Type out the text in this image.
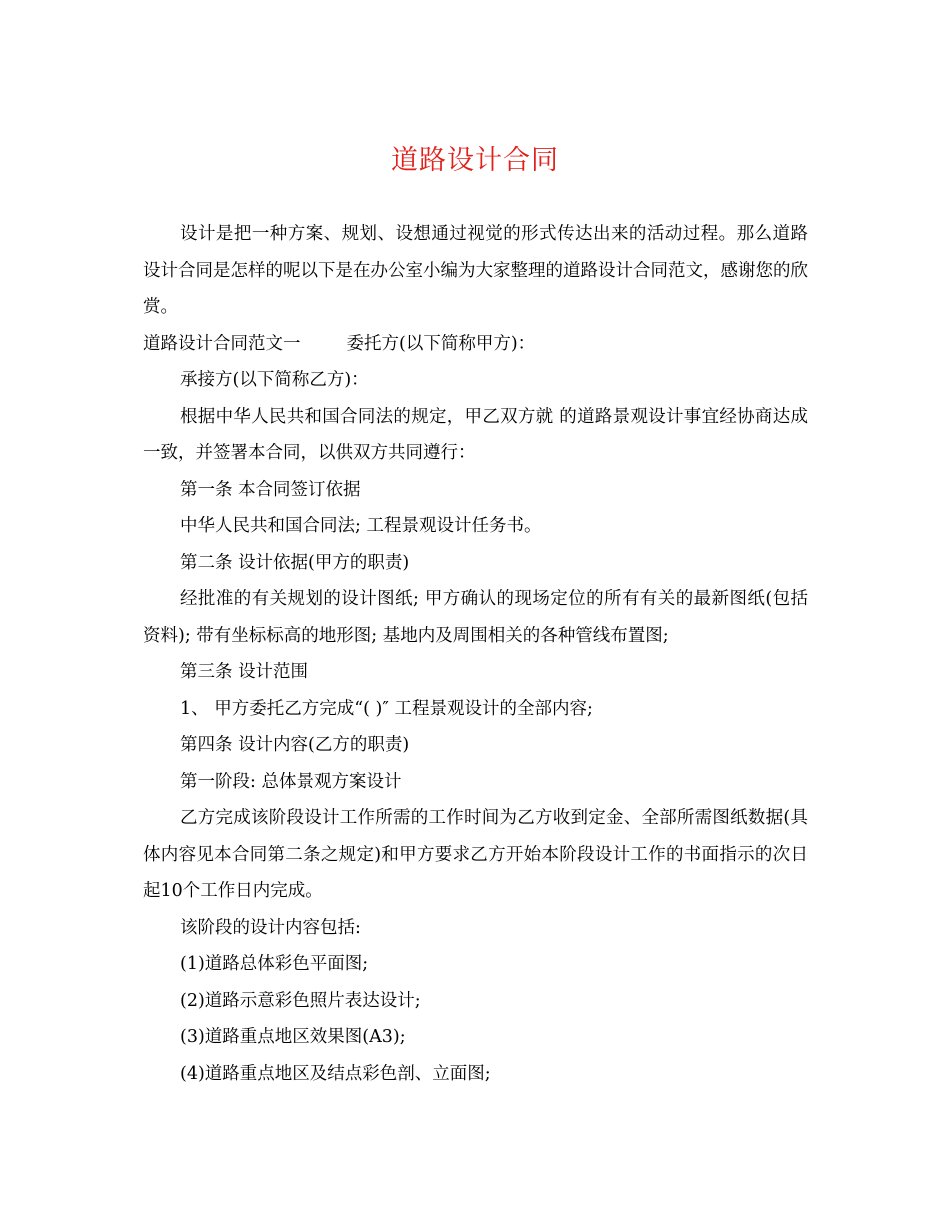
道路设计合同

设计是把一种方案、规划、设想通过视觉的形式传达出来的活动过程。那么道路设计合同是怎样的呢以下是在办公室小编为大家整理的道路设计合同范文，感谢您的欣赏。

道路设计合同范文一	委托方(以下简称甲方)：

承接方(以下简称乙方)：

根据中华人民共和国合同法的规定，甲乙双方就 的道路景观设计事宜经协商达成一致，并签署本合同，以供双方共同遵行：

第一条 本合同签订依据

中华人民共和国合同法; 工程景观设计任务书。

第二条 设计依据(甲方的职责)

经批准的有关规划的设计图纸; 甲方确认的现场定位的所有有关的最新图纸(包括资料); 带有坐标标高的地形图; 基地内及周围相关的各种管线布置图;

第三条 设计范围

1、 甲方委托乙方完成“( )″ 工程景观设计的全部内容;

第四条 设计内容(乙方的职责)

第一阶段: 总体景观方案设计

乙方完成该阶段设计工作所需的工作时间为乙方收到定金、全部所需图纸数据(具体内容见本合同第二条之规定)和甲方要求乙方开始本阶段设计工作的书面指示的次日起10个工作日内完成。

该阶段的设计内容包括:

(1)道路总体彩色平面图;

(2)道路示意彩色照片表达设计;

(3)道路重点地区效果图(A3);

(4)道路重点地区及结点彩色剖、立面图;
